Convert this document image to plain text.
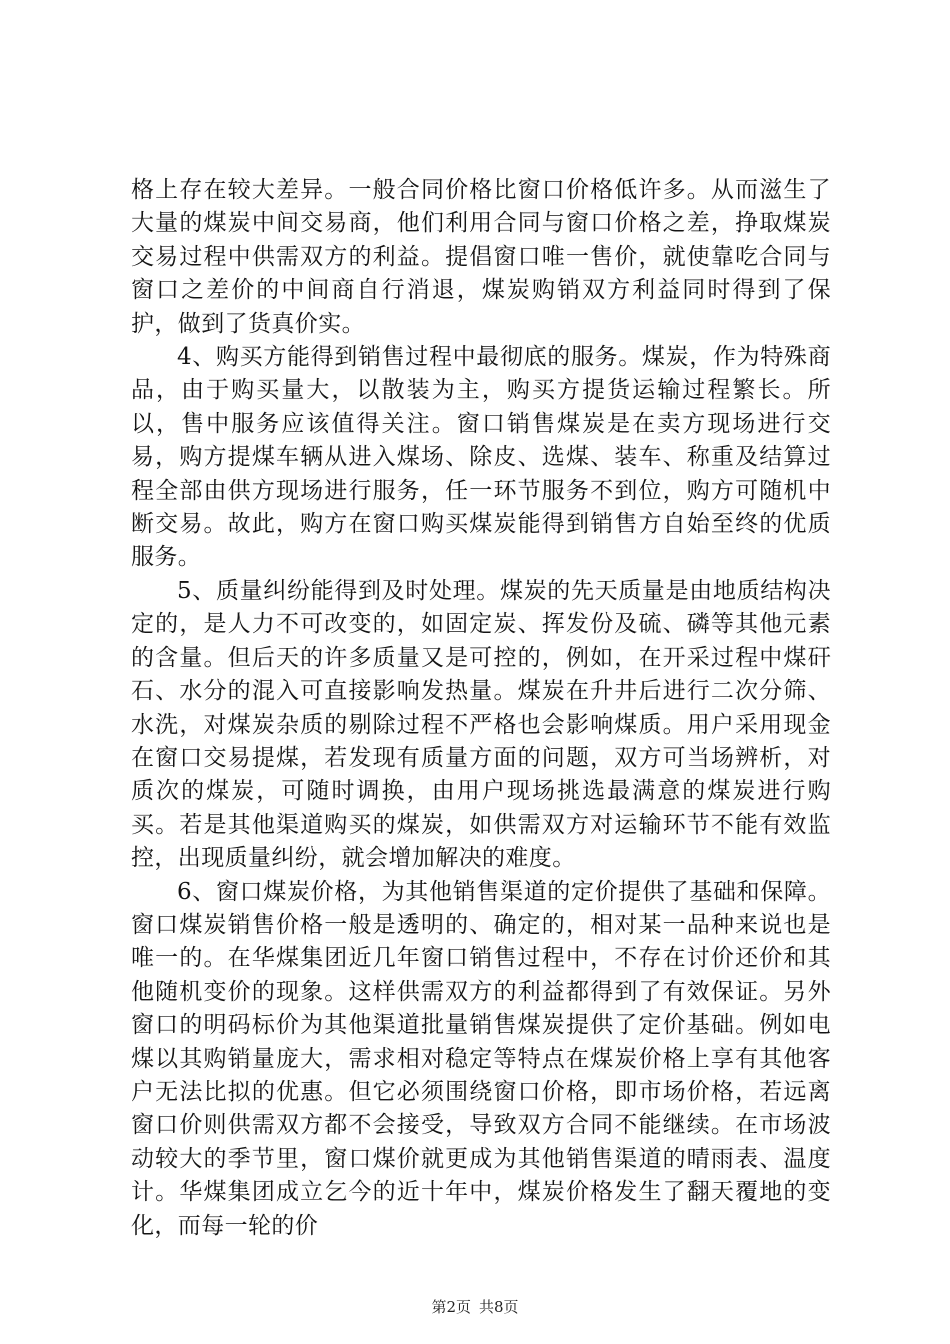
格上存在较大差异。一般合同价格比窗口价格低许多。从而滋生了大量的煤炭中间交易商，他们利用合同与窗口价格之差，挣取煤炭交易过程中供需双方的利益。提倡窗口唯一售价，就使靠吃合同与窗口之差价的中间商自行消退，煤炭购销双方利益同时得到了保护，做到了货真价实。

4、购买方能得到销售过程中最彻底的服务。煤炭，作为特殊商品，由于购买量大，以散装为主，购买方提货运输过程繁长。所以，售中服务应该值得关注。窗口销售煤炭是在卖方现场进行交易，购方提煤车辆从进入煤场、除皮、选煤、装车、称重及结算过程全部由供方现场进行服务，任一环节服务不到位，购方可随机中断交易。故此，购方在窗口购买煤炭能得到销售方自始至终的优质服务。

5、质量纠纷能得到及时处理。煤炭的先天质量是由地质结构决定的，是人力不可改变的，如固定炭、挥发份及硫、磷等其他元素的含量。但后天的许多质量又是可控的，例如，在开采过程中煤矸石、水分的混入可直接影响发热量。煤炭在升井后进行二次分筛、水洗，对煤炭杂质的剔除过程不严格也会影响煤质。用户采用现金在窗口交易提煤，若发现有质量方面的问题，双方可当场辨析，对质次的煤炭，可随时调换，由用户现场挑选最满意的煤炭进行购买。若是其他渠道购买的煤炭，如供需双方对运输环节不能有效监控，出现质量纠纷，就会增加解决的难度。

6、窗口煤炭价格，为其他销售渠道的定价提供了基础和保障。窗口煤炭销售价格一般是透明的、确定的，相对某一品种来说也是唯一的。在华煤集团近几年窗口销售过程中，不存在讨价还价和其他随机变价的现象。这样供需双方的利益都得到了有效保证。另外窗口的明码标价为其他渠道批量销售煤炭提供了定价基础。例如电煤以其购销量庞大，需求相对稳定等特点在煤炭价格上享有其他客户无法比拟的优惠。但它必须围绕窗口价格，即市场价格，若远离窗口价则供需双方都不会接受，导致双方合同不能继续。在市场波动较大的季节里，窗口煤价就更成为其他销售渠道的晴雨表、温度计。华煤集团成立乞今的近十年中，煤炭价格发生了翻天覆地的变化，而每一轮的价

第2页 共8页
